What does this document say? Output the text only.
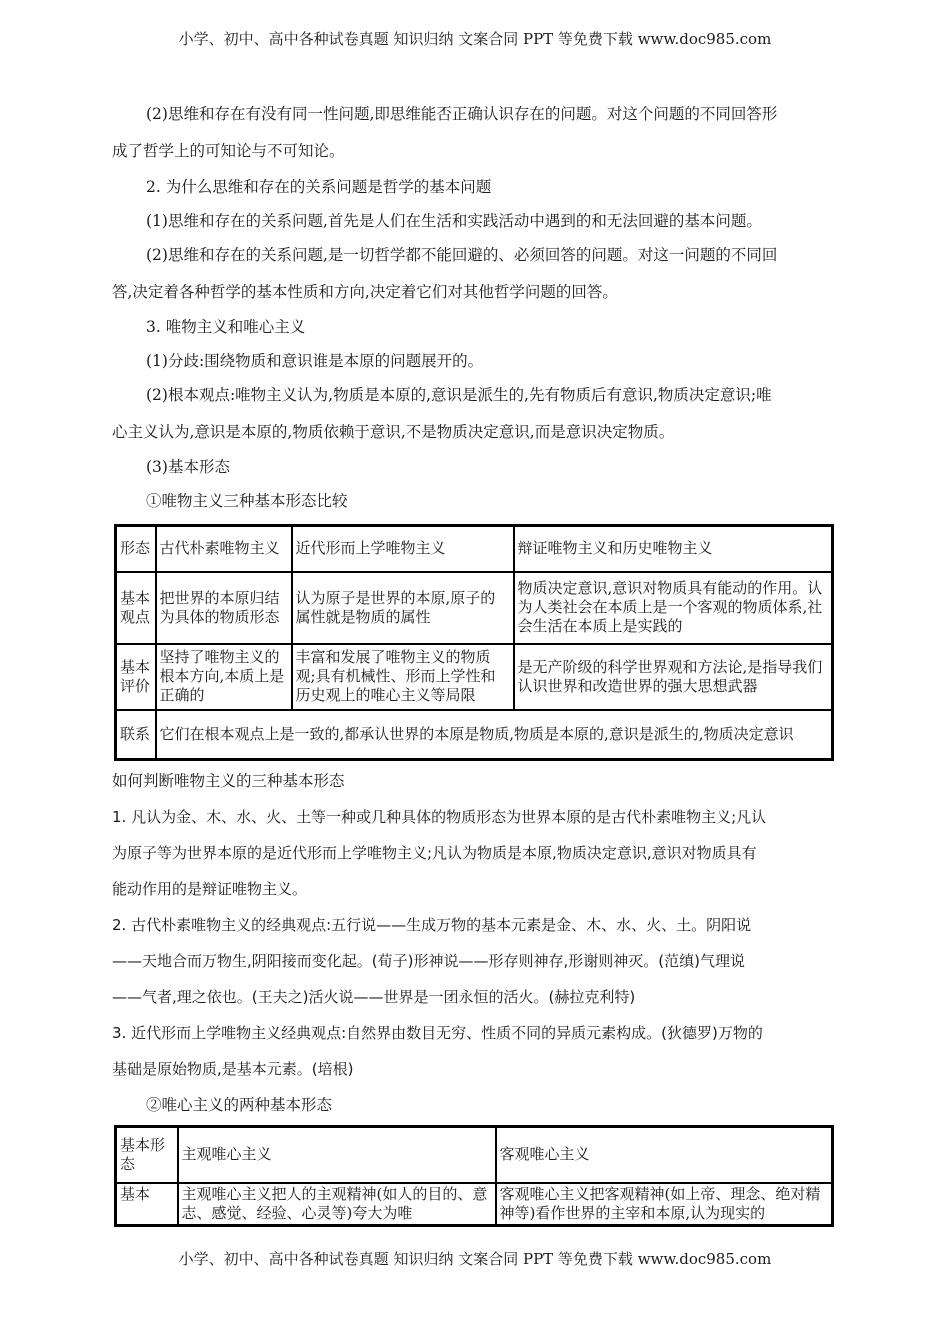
小学、初中、高中各种试卷真题 知识归纳 文案合同 PPT 等免费下载 www.doc985.com
(2)思维和存在有没有同一性问题,即思维能否正确认识存在的问题。对这个问题的不同回答形
成了哲学上的可知论与不可知论。
2. 为什么思维和存在的关系问题是哲学的基本问题
(1)思维和存在的关系问题,首先是人们在生活和实践活动中遇到的和无法回避的基本问题。
(2)思维和存在的关系问题,是一切哲学都不能回避的、必须回答的问题。对这一问题的不同回
答,决定着各种哲学的基本性质和方向,决定着它们对其他哲学问题的回答。
3. 唯物主义和唯心主义
(1)分歧:围绕物质和意识谁是本原的问题展开的。
(2)根本观点:唯物主义认为,物质是本原的,意识是派生的,先有物质后有意识,物质决定意识;唯
心主义认为,意识是本原的,物质依赖于意识,不是物质决定意识,而是意识决定物质。
(3)基本形态
①唯物主义三种基本形态比较
形态	古代朴素唯物主义	近代形而上学唯物主义	辩证唯物主义和历史唯物主义
基本观点	把世界的本原归结为具体的物质形态	认为原子是世界的本原,原子的属性就是物质的属性	物质决定意识,意识对物质具有能动的作用。认为人类社会在本质上是一个客观的物质体系,社会生活在本质上是实践的
基本评价	坚持了唯物主义的根本方向,本质上是正确的	丰富和发展了唯物主义的物质观;具有机械性、形而上学性和历史观上的唯心主义等局限	是无产阶级的科学世界观和方法论,是指导我们认识世界和改造世界的强大思想武器
联系	它们在根本观点上是一致的,都承认世界的本原是物质,物质是本原的,意识是派生的,物质决定意识		
如何判断唯物主义的三种基本形态
1. 凡认为金、木、水、火、土等一种或几种具体的物质形态为世界本原的是古代朴素唯物主义;凡认
为原子等为世界本原的是近代形而上学唯物主义;凡认为物质是本原,物质决定意识,意识对物质具有
能动作用的是辩证唯物主义。
2. 古代朴素唯物主义的经典观点:五行说——生成万物的基本元素是金、木、水、火、土。阴阳说
——天地合而万物生,阴阳接而变化起。(荀子)形神说——形存则神存,形谢则神灭。(范缜)气理说
——气者,理之依也。(王夫之)活火说——世界是一团永恒的活火。(赫拉克利特)
3. 近代形而上学唯物主义经典观点:自然界由数目无穷、性质不同的异质元素构成。(狄德罗)万物的
基础是原始物质,是基本元素。(培根)
②唯心主义的两种基本形态
基本形态	主观唯心主义	客观唯心主义
基本	主观唯心主义把人的主观精神(如人的目的、意志、感觉、经验、心灵等)夸大为唯	客观唯心主义把客观精神(如上帝、理念、绝对精神等)看作世界的主宰和本原,认为现实的
小学、初中、高中各种试卷真题 知识归纳 文案合同 PPT 等免费下载 www.doc985.com
